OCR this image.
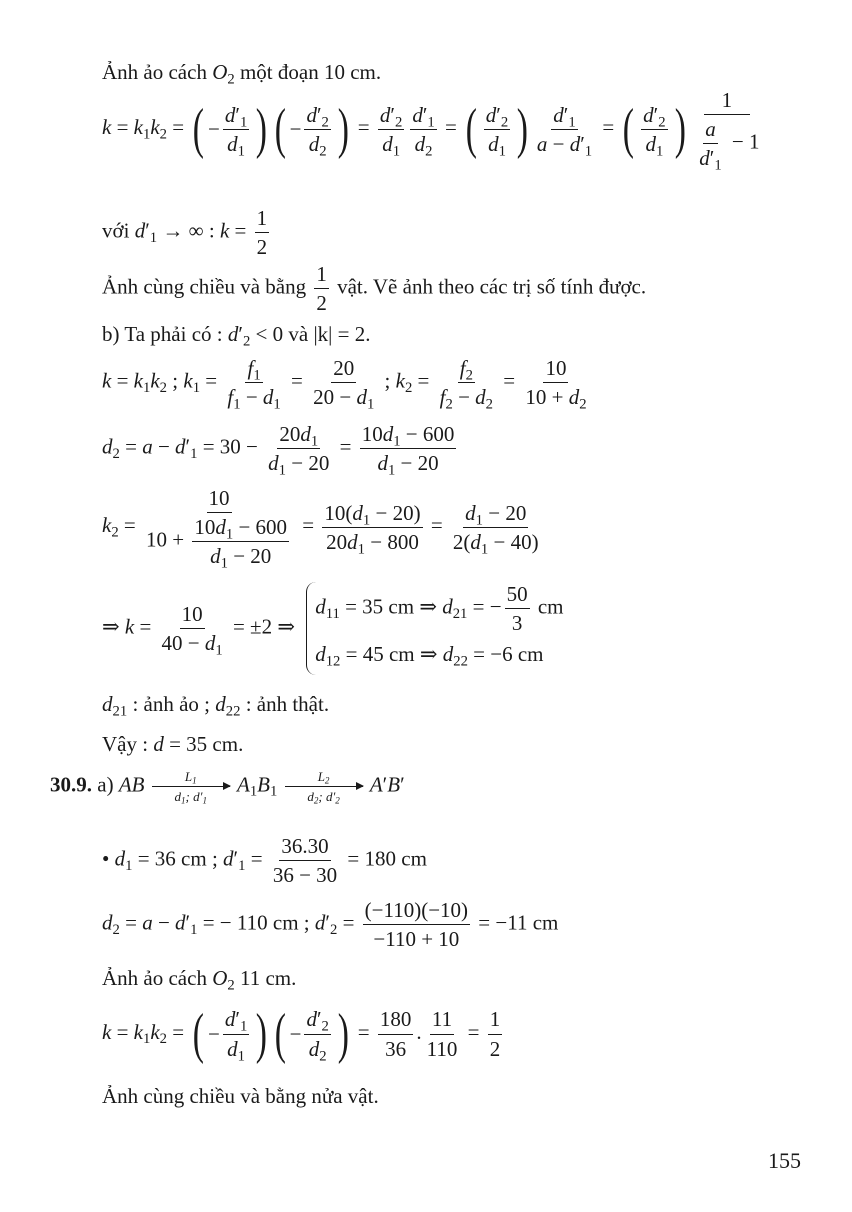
Ảnh ảo cách $O_2$ một đoạn 10 cm.
$k = k_1k_2$ = ( − $\frac{d'_1}{d_1}$
) ( − $\frac{d'_2}{d_2}$
) = $\frac{d'_2}{d_1} \frac{d'_1}{d_2}$ = ( $\frac{d'_2}{d_1}$
) $\frac{d'_1}{a - d'_1}$ = ( $\frac{d'_2}{d_1}$
) $\frac{1}{\frac{a}{d'_1} - 1}$
với $d'_1$ → ∞ : $k = \frac{1}{2}$
Ảnh cùng chiều và bằng $\frac{1}{2}$ vật. Vẽ ảnh theo các trị số tính được.
b) Ta phải có : $d'_2 < 0$ và |k| = 2.
$k = k_1k_2$ ; $k_1 = \frac{f_1}{f_1 - d_1} = \frac{20}{20 - d_1}$ ; $k_2 = \frac{f_2}{f_2 - d_2} = \frac{10}{10 + d_2}$
$d_2 = a - d'_1 = 30 - \frac{20d_1}{d_1 - 20} = \frac{10d_1 - 600}{d_1 - 20}$
$k_2 = \frac{10}{10 + \frac{10d_1 - 600}{d_1 - 20}} = \frac{10(d_1 - 20)}{20d_1 - 800} = \frac{d_1 - 20}{2(d_1 - 40)}$
⇒ $k = \frac{10}{40 - d_1} = \pm 2$ ⇒
$d_{11} = 35$ cm ⇒ $d_{21}$ = − $\frac{50}{3}$ cm
$d_{12} = 45$ cm ⇒ $d_{22} = -6$ cm
$d_{21}$ : ảnh ảo ; $d_{22}$ : ảnh thật.
Vậy : d = 35 cm.
30.9. a) AB $\frac{L_1}{d_1; d'_1} A_1B_1 \frac{L_2}{d_2; d'_2} A'B'$
• $d_1 = 36$ cm ; $d'_1 = \frac{36.30}{36 - 30} = 180$ cm
$d_2 = a - d'_1$ = − 110 cm ; $d'_2 = \frac{(-110)(-10)}{-110 + 10} = -11$ cm
Ảnh ảo cách $O_2$ 11 cm.
$k = k_1k_2$ = ( − $\frac{d'_1}{d_1}$
) ( − $\frac{d'_2}{d_2}$
) = $\frac{180}{36}$ . $\frac{11}{110} = \frac{1}{2}$
Ảnh cùng chiều và bằng nửa vật.
155
